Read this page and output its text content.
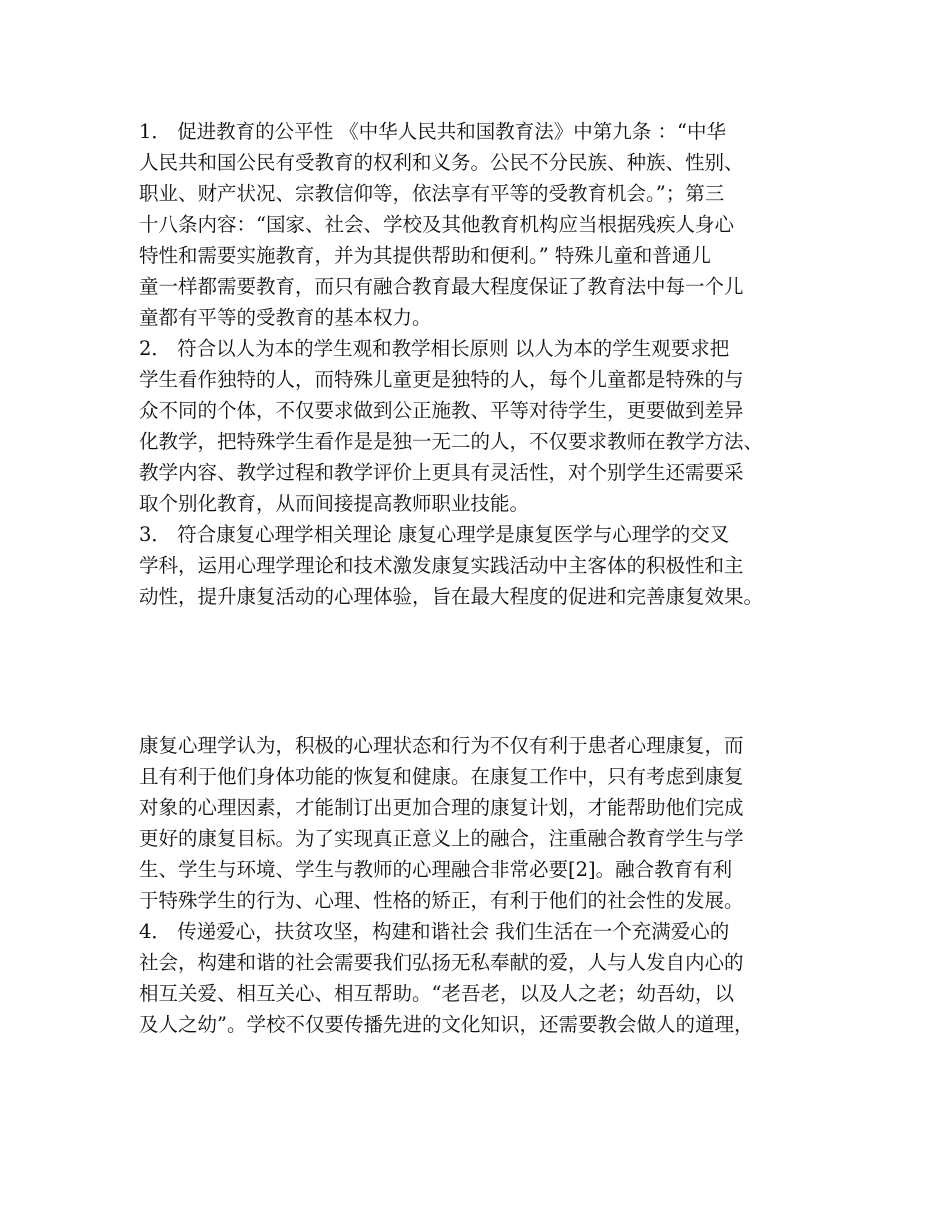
1． 促进教育的公平性 《中华人民共和国教育法》中第九条 ：“中华
人民共和国公民有受教育的权利和义务。公民不分民族、种族、性别、
职业、财产状况、宗教信仰等，依法享有平等的受教育机会。”；第三
十八条内容：“国家、社会、学校及其他教育机构应当根据残疾人身心
特性和需要实施教育，并为其提供帮助和便利。” 特殊儿童和普通儿
童一样都需要教育，而只有融合教育最大程度保证了教育法中每一个儿
童都有平等的受教育的基本权力。
2． 符合以人为本的学生观和教学相长原则 以人为本的学生观要求把
学生看作独特的人，而特殊儿童更是独特的人，每个儿童都是特殊的与
众不同的个体，不仅要求做到公正施教、平等对待学生，更要做到差异
化教学，把特殊学生看作是是独一无二的人，不仅要求教师在教学方法、
教学内容、教学过程和教学评价上更具有灵活性，对个别学生还需要采
取个别化教育，从而间接提高教师职业技能。
3． 符合康复心理学相关理论 康复心理学是康复医学与心理学的交叉
学科，运用心理学理论和技术激发康复实践活动中主客体的积极性和主
动性，提升康复活动的心理体验，旨在最大程度的促进和完善康复效果。
康复心理学认为，积极的心理状态和行为不仅有利于患者心理康复，而
且有利于他们身体功能的恢复和健康。在康复工作中，只有考虑到康复
对象的心理因素，才能制订出更加合理的康复计划，才能帮助他们完成
更好的康复目标。为了实现真正意义上的融合，注重融合教育学生与学
生、学生与环境、学生与教师的心理融合非常必要[2]。融合教育有利
于特殊学生的行为、心理、性格的矫正，有利于他们的社会性的发展。
4． 传递爱心，扶贫攻坚，构建和谐社会 我们生活在一个充满爱心的
社会，构建和谐的社会需要我们弘扬无私奉献的爱，人与人发自内心的
相互关爱、相互关心、相互帮助。“老吾老，以及人之老；幼吾幼，以
及人之幼”。学校不仅要传播先进的文化知识，还需要教会做人的道理，
